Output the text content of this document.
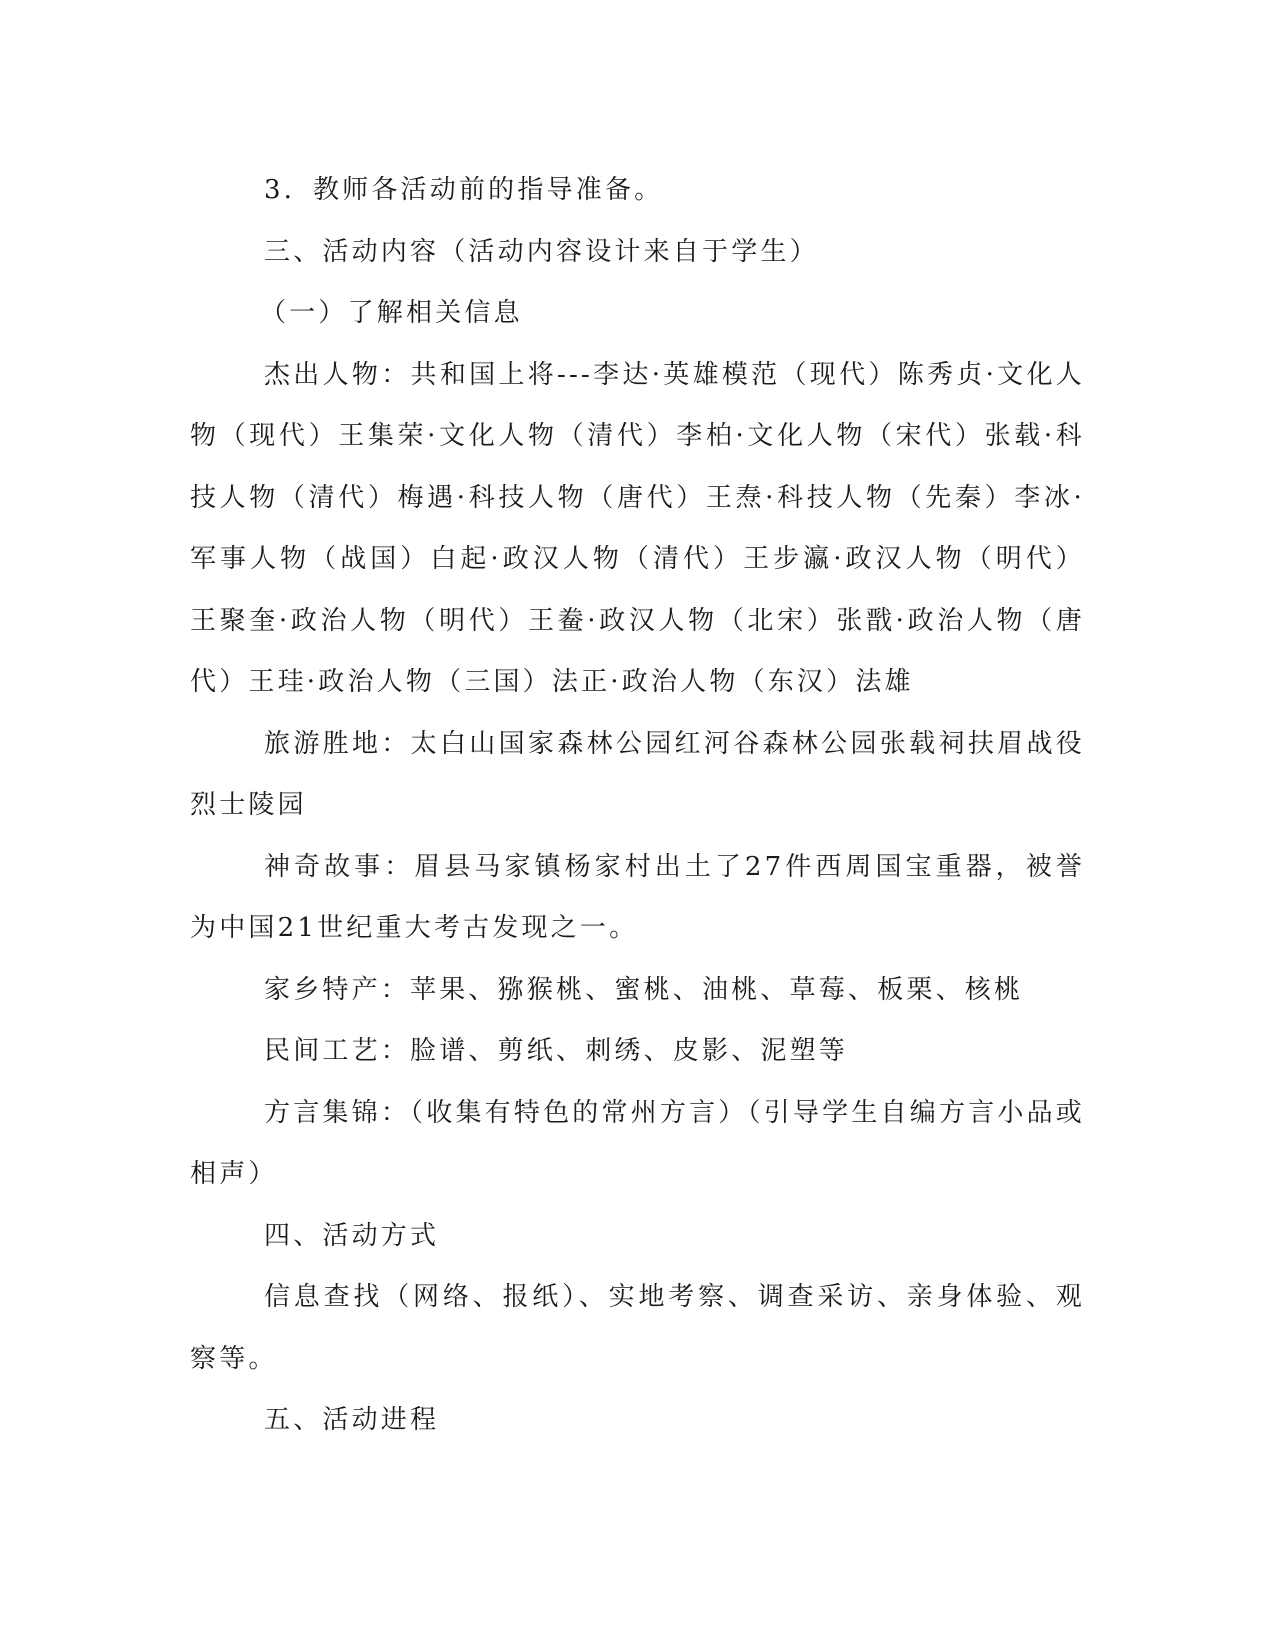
3．教师各活动前的指导准备。

三、活动内容（活动内容设计来自于学生）

（一）了解相关信息

杰出人物：共和国上将---李达·英雄模范（现代）陈秀贞·文化人物（现代）王集荣·文化人物（清代）李柏·文化人物（宋代）张载·科技人物（清代）梅遇·科技人物（唐代）王焘·科技人物（先秦）李冰·军事人物（战国）白起·政汉人物（清代）王步瀛·政汉人物（明代）王聚奎·政治人物（明代）王鲞·政汉人物（北宋）张戬·政治人物（唐代）王珪·政治人物（三国）法正·政治人物（东汉）法雄

旅游胜地：太白山国家森林公园红河谷森林公园张载祠扶眉战役烈士陵园

神奇故事：眉县马家镇杨家村出土了27件西周国宝重器，被誉为中国21世纪重大考古发现之一。

家乡特产：苹果、猕猴桃、蜜桃、油桃、草莓、板栗、核桃

民间工艺：脸谱、剪纸、刺绣、皮影、泥塑等

方言集锦：（收集有特色的常州方言）（引导学生自编方言小品或相声）

四、活动方式

信息查找（网络、报纸）、实地考察、调查采访、亲身体验、观察等。

五、活动进程
